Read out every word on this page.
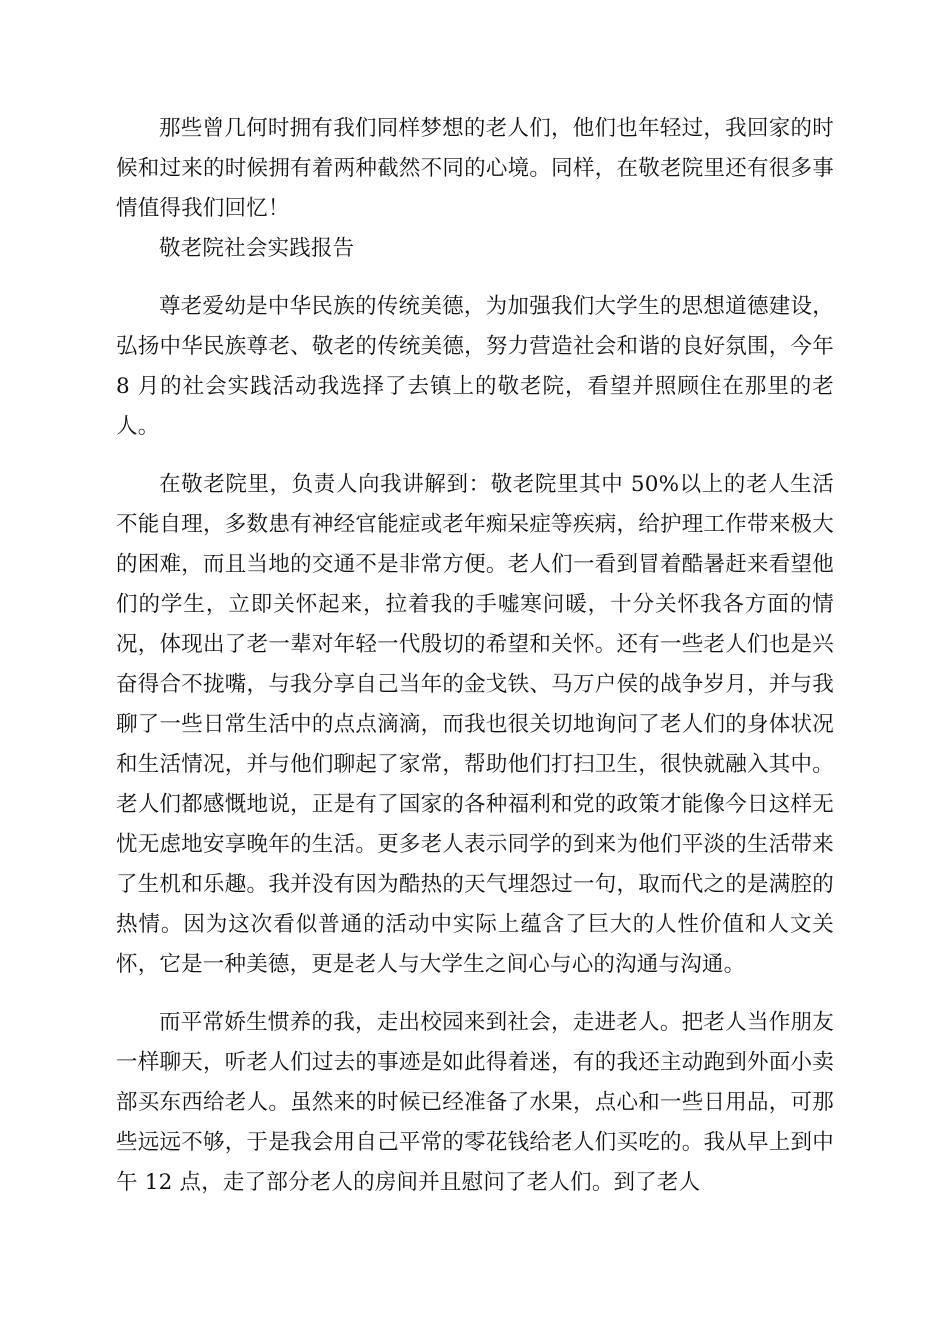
那些曾几何时拥有我们同样梦想的老人们，他们也年轻过，我回家的时候和过来的时候拥有着两种截然不同的心境。同样，在敬老院里还有很多事情值得我们回忆！

敬老院社会实践报告

尊老爱幼是中华民族的传统美德，为加强我们大学生的思想道德建设，弘扬中华民族尊老、敬老的传统美德，努力营造社会和谐的良好氛围，今年 8 月的社会实践活动我选择了去镇上的敬老院，看望并照顾住在那里的老人。

在敬老院里，负责人向我讲解到：敬老院里其中 50%以上的老人生活不能自理，多数患有神经官能症或老年痴呆症等疾病，给护理工作带来极大的困难，而且当地的交通不是非常方便。老人们一看到冒着酷暑赶来看望他们的学生，立即关怀起来，拉着我的手嘘寒问暖，十分关怀我各方面的情况，体现出了老一辈对年轻一代殷切的希望和关怀。还有一些老人们也是兴奋得合不拢嘴，与我分享自己当年的金戈铁、马万户侯的战争岁月，并与我聊了一些日常生活中的点点滴滴，而我也很关切地询问了老人们的身体状况和生活情况，并与他们聊起了家常，帮助他们打扫卫生，很快就融入其中。老人们都感慨地说，正是有了国家的各种福利和党的政策才能像今日这样无忧无虑地安享晚年的生活。更多老人表示同学的到来为他们平淡的生活带来了生机和乐趣。我并没有因为酷热的天气埋怨过一句，取而代之的是满腔的热情。因为这次看似普通的活动中实际上蕴含了巨大的人性价值和人文关怀，它是一种美德，更是老人与大学生之间心与心的沟通与沟通。

而平常娇生惯养的我，走出校园来到社会，走进老人。把老人当作朋友一样聊天，听老人们过去的事迹是如此得着迷，有的我还主动跑到外面小卖部买东西给老人。虽然来的时候已经准备了水果，点心和一些日用品，可那些远远不够，于是我会用自己平常的零花钱给老人们买吃的。我从早上到中午 12 点，走了部分老人的房间并且慰问了老人们。到了老人
